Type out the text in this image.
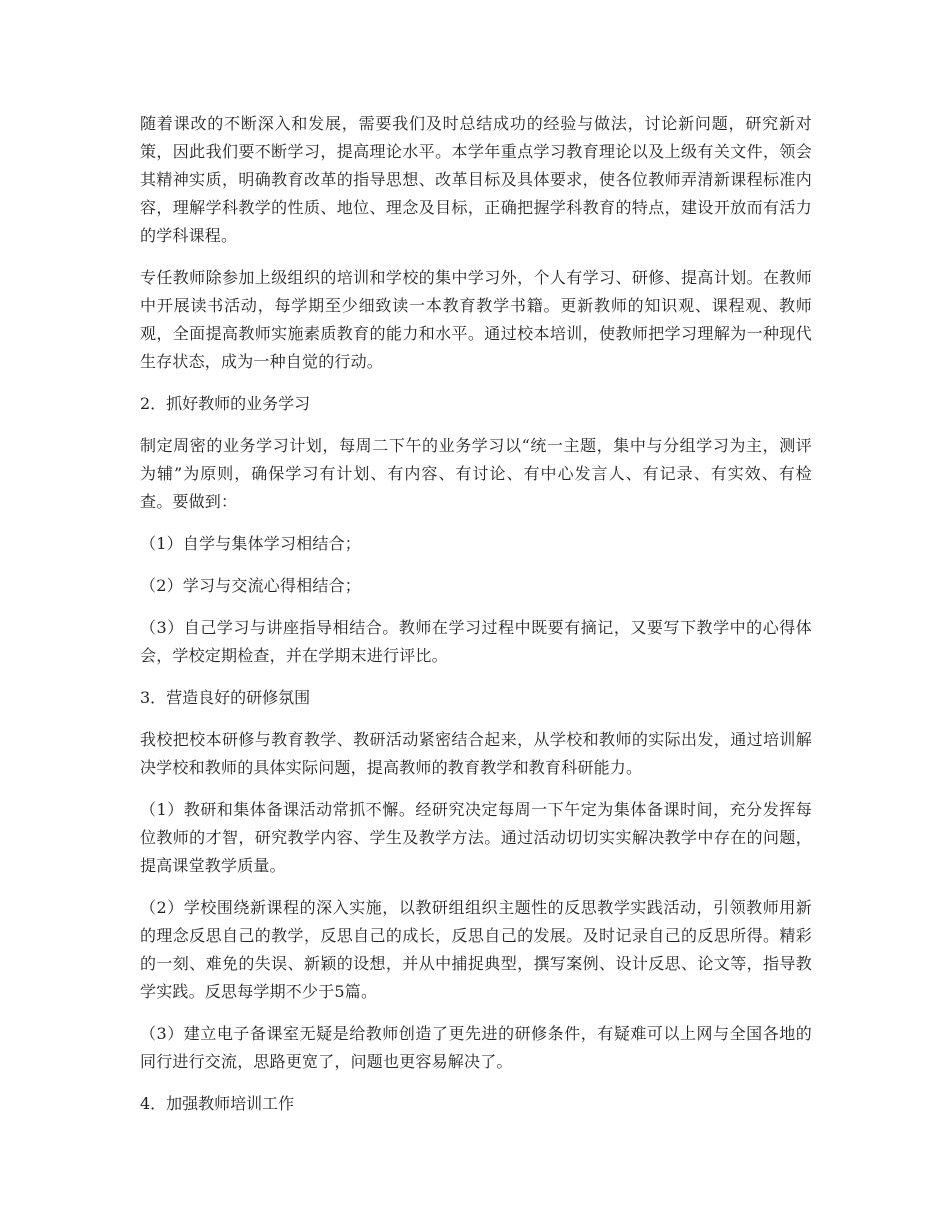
随着课改的不断深入和发展，需要我们及时总结成功的经验与做法，讨论新问题，研究新对策，因此我们要不断学习，提高理论水平。本学年重点学习教育理论以及上级有关文件，领会其精神实质，明确教育改革的指导思想、改革目标及具体要求，使各位教师弄清新课程标准内容，理解学科教学的性质、地位、理念及目标，正确把握学科教育的特点，建设开放而有活力的学科课程。

专任教师除参加上级组织的培训和学校的集中学习外，个人有学习、研修、提高计划。在教师中开展读书活动，每学期至少细致读一本教育教学书籍。更新教师的知识观、课程观、教师观，全面提高教师实施素质教育的能力和水平。通过校本培训，使教师把学习理解为一种现代生存状态，成为一种自觉的行动。

2．抓好教师的业务学习

制定周密的业务学习计划，每周二下午的业务学习以“统一主题，集中与分组学习为主，测评为辅”为原则，确保学习有计划、有内容、有讨论、有中心发言人、有记录、有实效、有检查。要做到：

（1）自学与集体学习相结合；

（2）学习与交流心得相结合；

（3）自己学习与讲座指导相结合。教师在学习过程中既要有摘记，又要写下教学中的心得体会，学校定期检查，并在学期末进行评比。

3．营造良好的研修氛围

我校把校本研修与教育教学、教研活动紧密结合起来，从学校和教师的实际出发，通过培训解决学校和教师的具体实际问题，提高教师的教育教学和教育科研能力。

（1）教研和集体备课活动常抓不懈。经研究决定每周一下午定为集体备课时间，充分发挥每位教师的才智，研究教学内容、学生及教学方法。通过活动切切实实解决教学中存在的问题，提高课堂教学质量。

（2）学校围绕新课程的深入实施，以教研组组织主题性的反思教学实践活动，引领教师用新的理念反思自己的教学，反思自己的成长，反思自己的发展。及时记录自己的反思所得。精彩的一刻、难免的失误、新颖的设想，并从中捕捉典型，撰写案例、设计反思、论文等，指导教学实践。反思每学期不少于5篇。

（3）建立电子备课室无疑是给教师创造了更先进的研修条件，有疑难可以上网与全国各地的同行进行交流，思路更宽了，问题也更容易解决了。

4．加强教师培训工作
